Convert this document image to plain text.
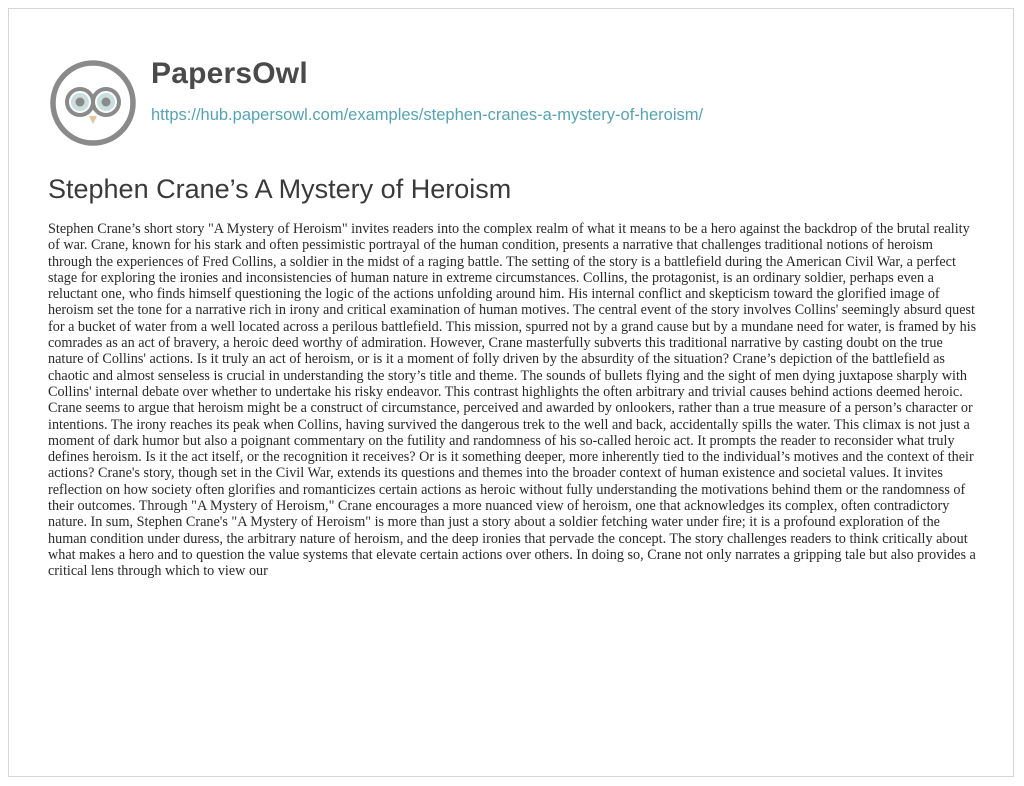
PapersOwl
https://hub.papersowl.com/examples/stephen-cranes-a-mystery-of-heroism/
Stephen Crane’s A Mystery of Heroism

Stephen Crane’s short story "A Mystery of Heroism" invites readers into the complex realm of what it means to be a hero against the backdrop of the brutal reality of war. Crane, known for his stark and often pessimistic portrayal of the human condition, presents a narrative that challenges traditional notions of heroism through the experiences of Fred Collins, a soldier in the midst of a raging battle. The setting of the story is a battlefield during the American Civil War, a perfect stage for exploring the ironies and inconsistencies of human nature in extreme circumstances. Collins, the protagonist, is an ordinary soldier, perhaps even a reluctant one, who finds himself questioning the logic of the actions unfolding around him. His internal conflict and skepticism toward the glorified image of heroism set the tone for a narrative rich in irony and critical examination of human motives. The central event of the story involves Collins' seemingly absurd quest for a bucket of water from a well located across a perilous battlefield. This mission, spurred not by a grand cause but by a mundane need for water, is framed by his comrades as an act of bravery, a heroic deed worthy of admiration. However, Crane masterfully subverts this traditional narrative by casting doubt on the true nature of Collins' actions. Is it truly an act of heroism, or is it a moment of folly driven by the absurdity of the situation? Crane’s depiction of the battlefield as chaotic and almost senseless is crucial in understanding the story’s title and theme. The sounds of bullets flying and the sight of men dying juxtapose sharply with Collins' internal debate over whether to undertake his risky endeavor. This contrast highlights the often arbitrary and trivial causes behind actions deemed heroic. Crane seems to argue that heroism might be a construct of circumstance, perceived and awarded by onlookers, rather than a true measure of a person’s character or intentions. The irony reaches its peak when Collins, having survived the dangerous trek to the well and back, accidentally spills the water. This climax is not just a moment of dark humor but also a poignant commentary on the futility and randomness of his so-called heroic act. It prompts the reader to reconsider what truly defines heroism. Is it the act itself, or the recognition it receives? Or is it something deeper, more inherently tied to the individual’s motives and the context of their actions? Crane's story, though set in the Civil War, extends its questions and themes into the broader context of human existence and societal values. It invites reflection on how society often glorifies and romanticizes certain actions as heroic without fully understanding the motivations behind them or the randomness of their outcomes. Through "A Mystery of Heroism," Crane encourages a more nuanced view of heroism, one that acknowledges its complex, often contradictory nature. In sum, Stephen Crane's "A Mystery of Heroism" is more than just a story about a soldier fetching water under fire; it is a profound exploration of the human condition under duress, the arbitrary nature of heroism, and the deep ironies that pervade the concept. The story challenges readers to think critically about what makes a hero and to question the value systems that elevate certain actions over others. In doing so, Crane not only narrates a gripping tale but also provides a critical lens through which to view our
